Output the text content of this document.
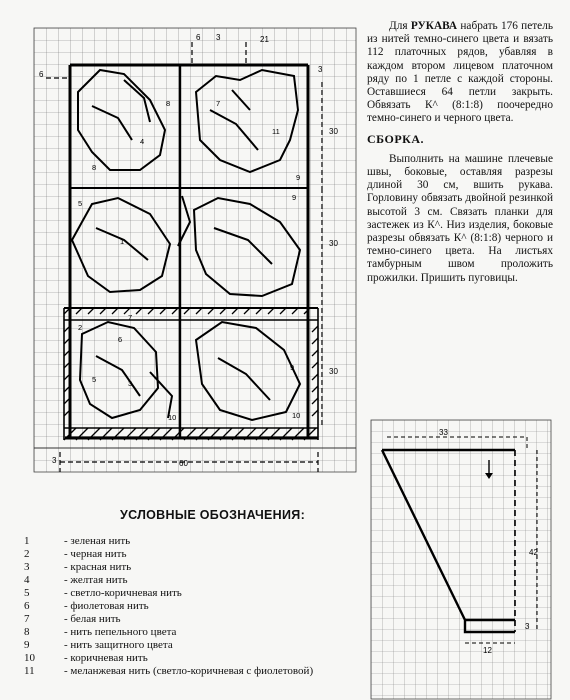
6 3	21
6
3
30
30
30
3	60
8	7
4
11
8
9
5
1
9
2
7
6
3
5
9
10	10

Для РУКАВА набрать 176 петель из нитей темно-синего цвета и вязать 112 платочных рядов, убавляя в каждом втором лицевом платочном ряду по 1 петле с каждой стороны. Оставшиеся 64 петли закрыть. Обвязать К^ (8:1:8) поочередно темно-синего и черного цвета.

СБОРКА.

Выполнить на машине плечевые швы, боковые, оставляя разрезы длиной 30 см, вшить рукава. Горловину обвязать двойной резинкой высотой 3 см. Связать планки для застежек из К^. Низ изделия, боковые разрезы обвязать К^ (8:1:8) черного и темно-синего цвета. На листьях тамбурным швом проложить прожилки. Пришить пуговицы.

УСЛОВНЫЕ ОБОЗНАЧЕНИЯ:
1	- зеленая нить
2	- черная нить
3	- красная нить
4	- желтая нить
5	- светло-коричневая нить
6	- фиолетовая нить
7	- белая нить
8	- нить пепельного цвета
9	- нить защитного цвета
10	- коричневая нить
11	- меланжевая нить (светло-коричневая с фиолетовой)
33
42
12
3
